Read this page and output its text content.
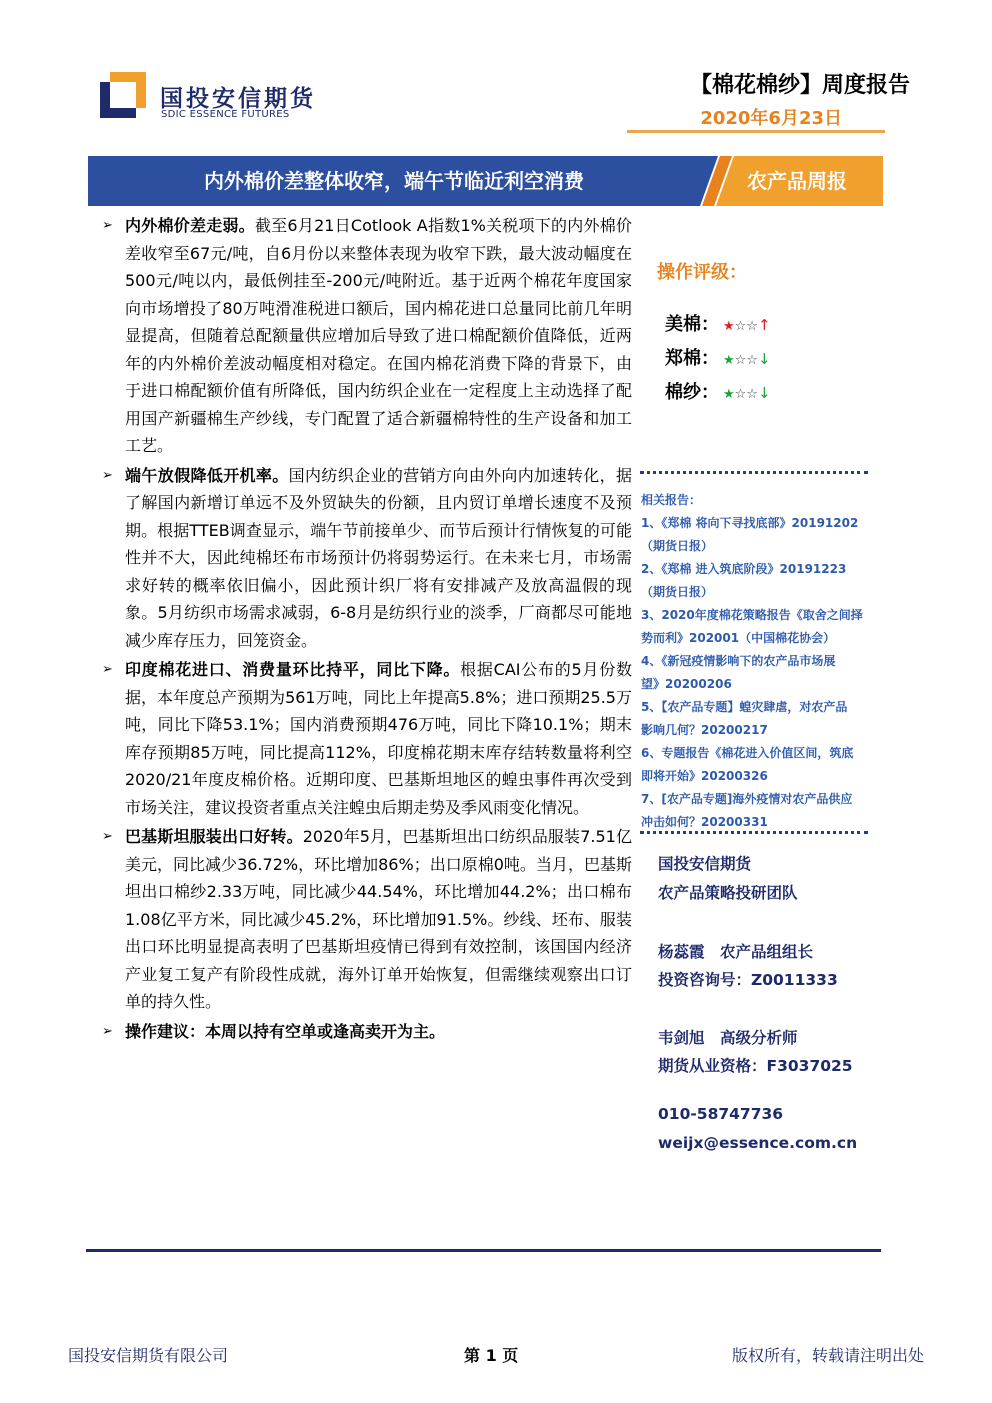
国投安信期货
SDIC ESSENCE FUTURES
【棉花棉纱】周度报告
2020年6月23日
内外棉价差整体收窄，端午节临近利空消费	农产品周报
➢ 内外棉价差走弱。截至6月21日Cotlook A指数1%关税项下的内外棉价差收窄至67元/吨，自6月份以来整体表现为收窄下跌，最大波动幅度在500元/吨以内，最低例挂至-200元/吨附近。基于近两个棉花年度国家向市场增投了80万吨滑准税进口额后，国内棉花进口总量同比前几年明显提高，但随着总配额量供应增加后导致了进口棉配额价值降低，近两年的内外棉价差波动幅度相对稳定。在国内棉花消费下降的背景下，由于进口棉配额价值有所降低，国内纺织企业在一定程度上主动选择了配用国产新疆棉生产纱线，专门配置了适合新疆棉特性的生产设备和加工工艺。
➢ 端午放假降低开机率。国内纺织企业的营销方向由外向内加速转化，据了解国内新增订单远不及外贸缺失的份额，且内贸订单增长速度不及预期。根据TTEB调查显示，端午节前接单少、而节后预计行情恢复的可能性并不大，因此纯棉坯布市场预计仍将弱势运行。在未来七月，市场需求好转的概率依旧偏小，因此预计织厂将有安排减产及放高温假的现象。5月纺织市场需求减弱，6-8月是纺织行业的淡季，厂商都尽可能地减少库存压力，回笼资金。
➢ 印度棉花进口、消费量环比持平，同比下降。根据CAI公布的5月份数据，本年度总产预期为561万吨，同比上年提高5.8%；进口预期25.5万吨，同比下降53.1%；国内消费预期476万吨，同比下降10.1%；期末库存预期85万吨，同比提高112%，印度棉花期末库存结转数量将利空2020/21年度皮棉价格。近期印度、巴基斯坦地区的蝗虫事件再次受到市场关注，建议投资者重点关注蝗虫后期走势及季风雨变化情况。
➢ 巴基斯坦服装出口好转。2020年5月，巴基斯坦出口纺织品服装7.51亿美元，同比减少36.72%，环比增加86%；出口原棉0吨。当月，巴基斯坦出口棉纱2.33万吨，同比减少44.54%，环比增加44.2%；出口棉布1.08亿平方米，同比减少45.2%，环比增加91.5%。纱线、坯布、服装出口环比明显提高表明了巴基斯坦疫情已得到有效控制，该国国内经济产业复工复产有阶段性成就，海外订单开始恢复，但需继续观察出口订单的持久性。
➢ 操作建议：本周以持有空单或逢高卖开为主。
操作评级：
美棉： ★☆☆↑
郑棉： ★☆☆↓
棉纱： ★☆☆↓
相关报告：
1、《郑棉 将向下寻找底部》20191202
（期货日报）
2、《郑棉 进入筑底阶段》20191223
（期货日报）
3、2020年度棉花策略报告《取舍之间择
势而利》202001（中国棉花协会）
4、《新冠疫情影响下的农产品市场展
望》20200206
5、【农产品专题】蝗灾肆虐，对农产品
影响几何？20200217
6、专题报告《棉花进入价值区间，筑底
即将开始》20200326
7、[农产品专题]海外疫情对农产品供应
冲击如何？20200331
国投安信期货
农产品策略投研团队
杨蕊霞　农产品组组长
投资咨询号：Z0011333
韦剑旭　高级分析师
期货从业资格：F3037025
010-58747736
weijx@essence.com.cn
国投安信期货有限公司	第 1 页	版权所有，转载请注明出处
